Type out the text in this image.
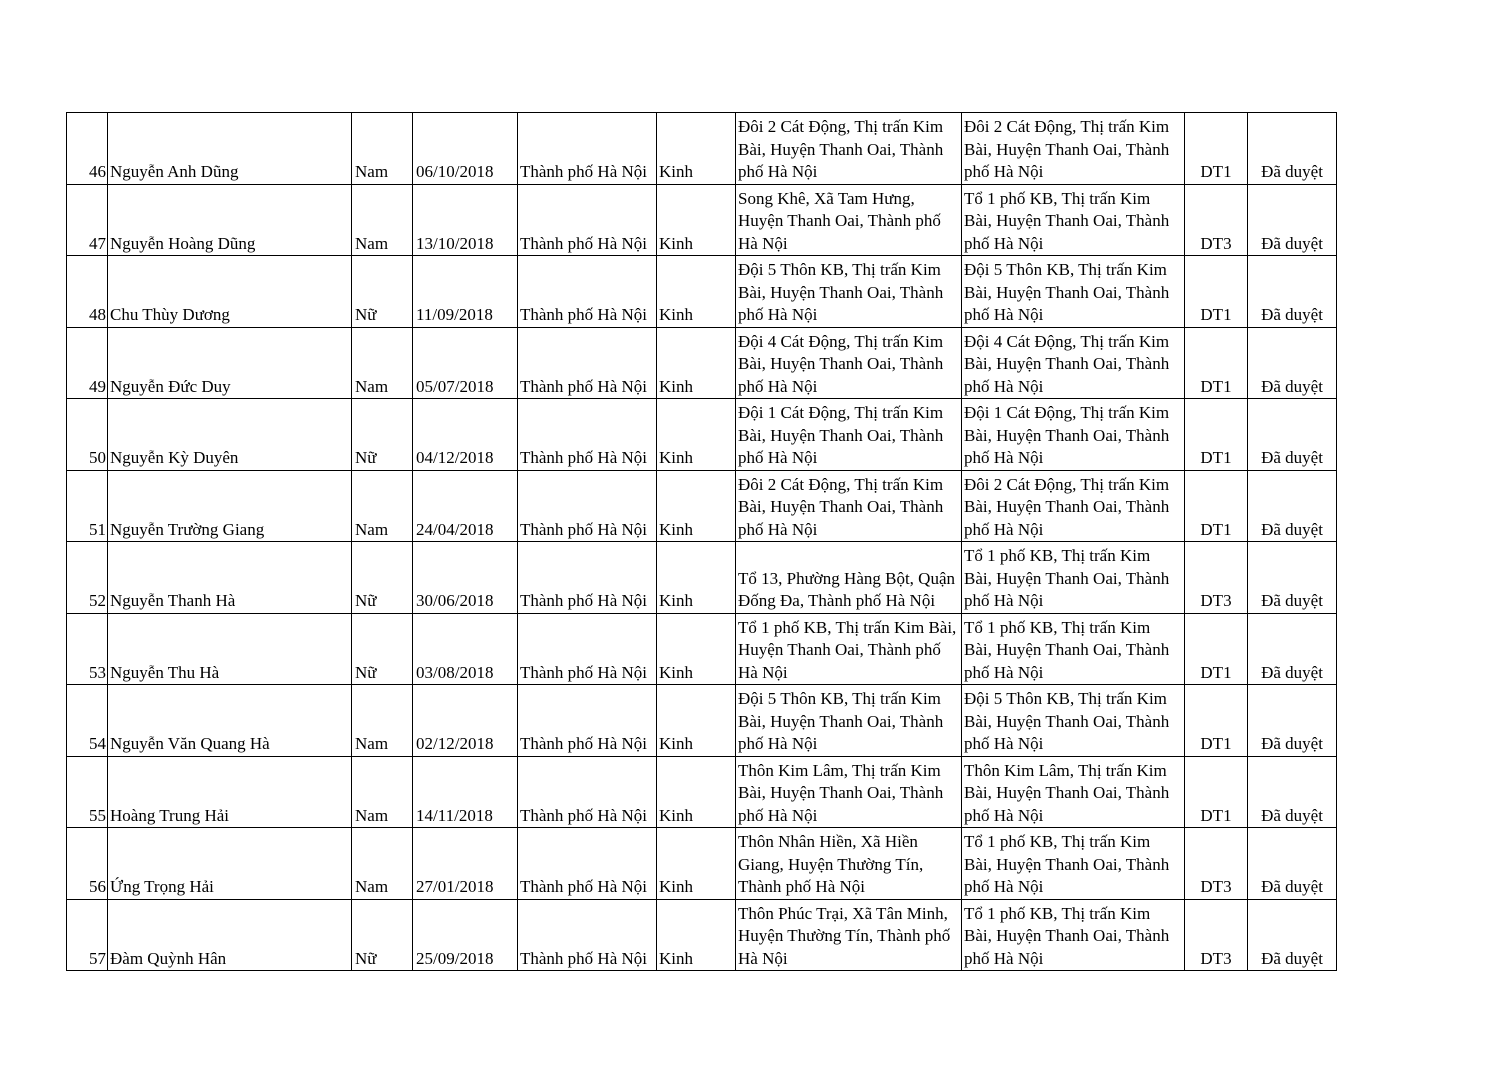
46	Nguyễn Anh Dũng	Nam	06/10/2018	Thành phố Hà Nội	Kinh	Đôi 2 Cát Động, Thị trấn Kim Bài, Huyện Thanh Oai, Thành phố Hà Nội	Đôi 2 Cát Động, Thị trấn Kim Bài, Huyện Thanh Oai, Thành phố Hà Nội	DT1	Đã duyệt
47	Nguyễn Hoàng Dũng	Nam	13/10/2018	Thành phố Hà Nội	Kinh	Song Khê, Xã Tam Hưng, Huyện Thanh Oai, Thành phố Hà Nội	Tổ 1 phố KB, Thị trấn Kim Bài, Huyện Thanh Oai, Thành phố Hà Nội	DT3	Đã duyệt
48	Chu Thùy Dương	Nữ	11/09/2018	Thành phố Hà Nội	Kinh	Đội 5 Thôn KB, Thị trấn Kim Bài, Huyện Thanh Oai, Thành phố Hà Nội	Đội 5 Thôn KB, Thị trấn Kim Bài, Huyện Thanh Oai, Thành phố Hà Nội	DT1	Đã duyệt
49	Nguyễn Đức Duy	Nam	05/07/2018	Thành phố Hà Nội	Kinh	Đội 4 Cát Động, Thị trấn Kim Bài, Huyện Thanh Oai, Thành phố Hà Nội	Đội 4 Cát Động, Thị trấn Kim Bài, Huyện Thanh Oai, Thành phố Hà Nội	DT1	Đã duyệt
50	Nguyễn Kỳ Duyên	Nữ	04/12/2018	Thành phố Hà Nội	Kinh	Đội 1 Cát Động, Thị trấn Kim Bài, Huyện Thanh Oai, Thành phố Hà Nội	Đội 1 Cát Động, Thị trấn Kim Bài, Huyện Thanh Oai, Thành phố Hà Nội	DT1	Đã duyệt
51	Nguyễn Trường Giang	Nam	24/04/2018	Thành phố Hà Nội	Kinh	Đôi 2 Cát Động, Thị trấn Kim Bài, Huyện Thanh Oai, Thành phố Hà Nội	Đôi 2 Cát Động, Thị trấn Kim Bài, Huyện Thanh Oai, Thành phố Hà Nội	DT1	Đã duyệt
52	Nguyễn Thanh Hà	Nữ	30/06/2018	Thành phố Hà Nội	Kinh	Tổ 13, Phường Hàng Bột, Quận Đống Đa, Thành phố Hà Nội	Tổ 1 phố KB, Thị trấn Kim Bài, Huyện Thanh Oai, Thành phố Hà Nội	DT3	Đã duyệt
53	Nguyễn Thu Hà	Nữ	03/08/2018	Thành phố Hà Nội	Kinh	Tổ 1 phố KB, Thị trấn Kim Bài, Huyện Thanh Oai, Thành phố Hà Nội	Tổ 1 phố KB, Thị trấn Kim Bài, Huyện Thanh Oai, Thành phố Hà Nội	DT1	Đã duyệt
54	Nguyễn Văn Quang Hà	Nam	02/12/2018	Thành phố Hà Nội	Kinh	Đội 5 Thôn KB, Thị trấn Kim Bài, Huyện Thanh Oai, Thành phố Hà Nội	Đội 5 Thôn KB, Thị trấn Kim Bài, Huyện Thanh Oai, Thành phố Hà Nội	DT1	Đã duyệt
55	Hoàng Trung Hải	Nam	14/11/2018	Thành phố Hà Nội	Kinh	Thôn Kim Lâm, Thị trấn Kim Bài, Huyện Thanh Oai, Thành phố Hà Nội	Thôn Kim Lâm, Thị trấn Kim Bài, Huyện Thanh Oai, Thành phố Hà Nội	DT1	Đã duyệt
56	Ứng Trọng Hải	Nam	27/01/2018	Thành phố Hà Nội	Kinh	Thôn Nhân Hiền, Xã Hiền Giang, Huyện Thường Tín, Thành phố Hà Nội	Tổ 1 phố KB, Thị trấn Kim Bài, Huyện Thanh Oai, Thành phố Hà Nội	DT3	Đã duyệt
57	Đàm Quỳnh Hân	Nữ	25/09/2018	Thành phố Hà Nội	Kinh	Thôn Phúc Trại, Xã Tân Minh, Huyện Thường Tín, Thành phố Hà Nội	Tổ 1 phố KB, Thị trấn Kim Bài, Huyện Thanh Oai, Thành phố Hà Nội	DT3	Đã duyệt
